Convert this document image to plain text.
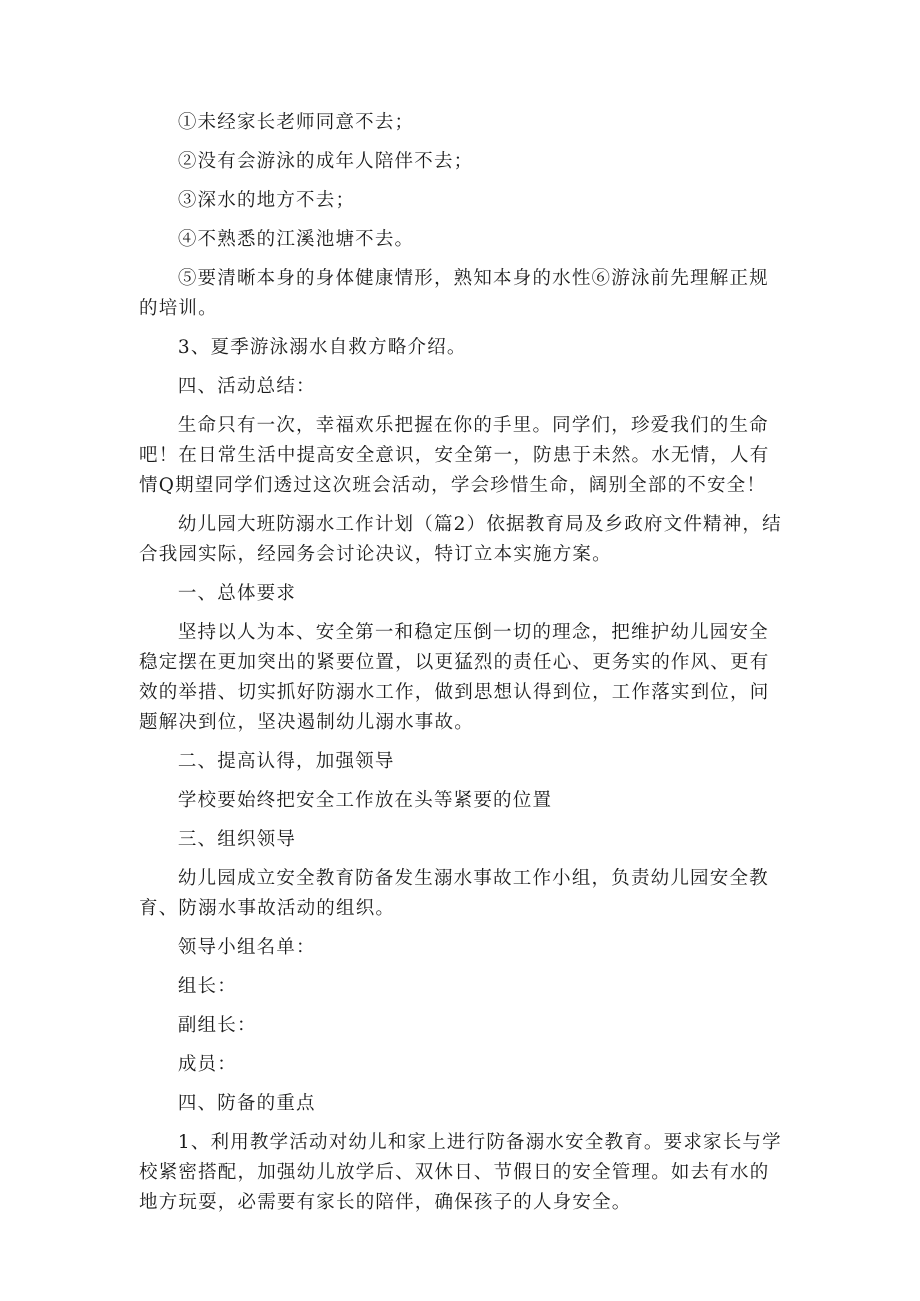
①未经家长老师同意不去；

②没有会游泳的成年人陪伴不去；

③深水的地方不去；

④不熟悉的江溪池塘不去。

⑤要清晰本身的身体健康情形，熟知本身的水性⑥游泳前先理解正规的培训。

3、夏季游泳溺水自救方略介绍。

四、活动总结：

生命只有一次，幸福欢乐把握在你的手里。同学们，珍爱我们的生命吧！在日常生活中提高安全意识，安全第一，防患于未然。水无情，人有情Q期望同学们透过这次班会活动，学会珍惜生命，阔别全部的不安全！

幼儿园大班防溺水工作计划（篇2）依据教育局及乡政府文件精神，结合我园实际，经园务会讨论决议，特订立本实施方案。

一、总体要求

坚持以人为本、安全第一和稳定压倒一切的理念，把维护幼儿园安全稳定摆在更加突出的紧要位置，以更猛烈的责任心、更务实的作风、更有效的举措、切实抓好防溺水工作，做到思想认得到位，工作落实到位，问题解决到位，坚决遏制幼儿溺水事故。

二、提高认得，加强领导

学校要始终把安全工作放在头等紧要的位置

三、组织领导

幼儿园成立安全教育防备发生溺水事故工作小组，负责幼儿园安全教育、防溺水事故活动的组织。

领导小组名单：

组长：

副组长：

成员：

四、防备的重点

1、利用教学活动对幼儿和家上进行防备溺水安全教育。要求家长与学校紧密搭配，加强幼儿放学后、双休日、节假日的安全管理。如去有水的地方玩耍，必需要有家长的陪伴，确保孩子的人身安全。
